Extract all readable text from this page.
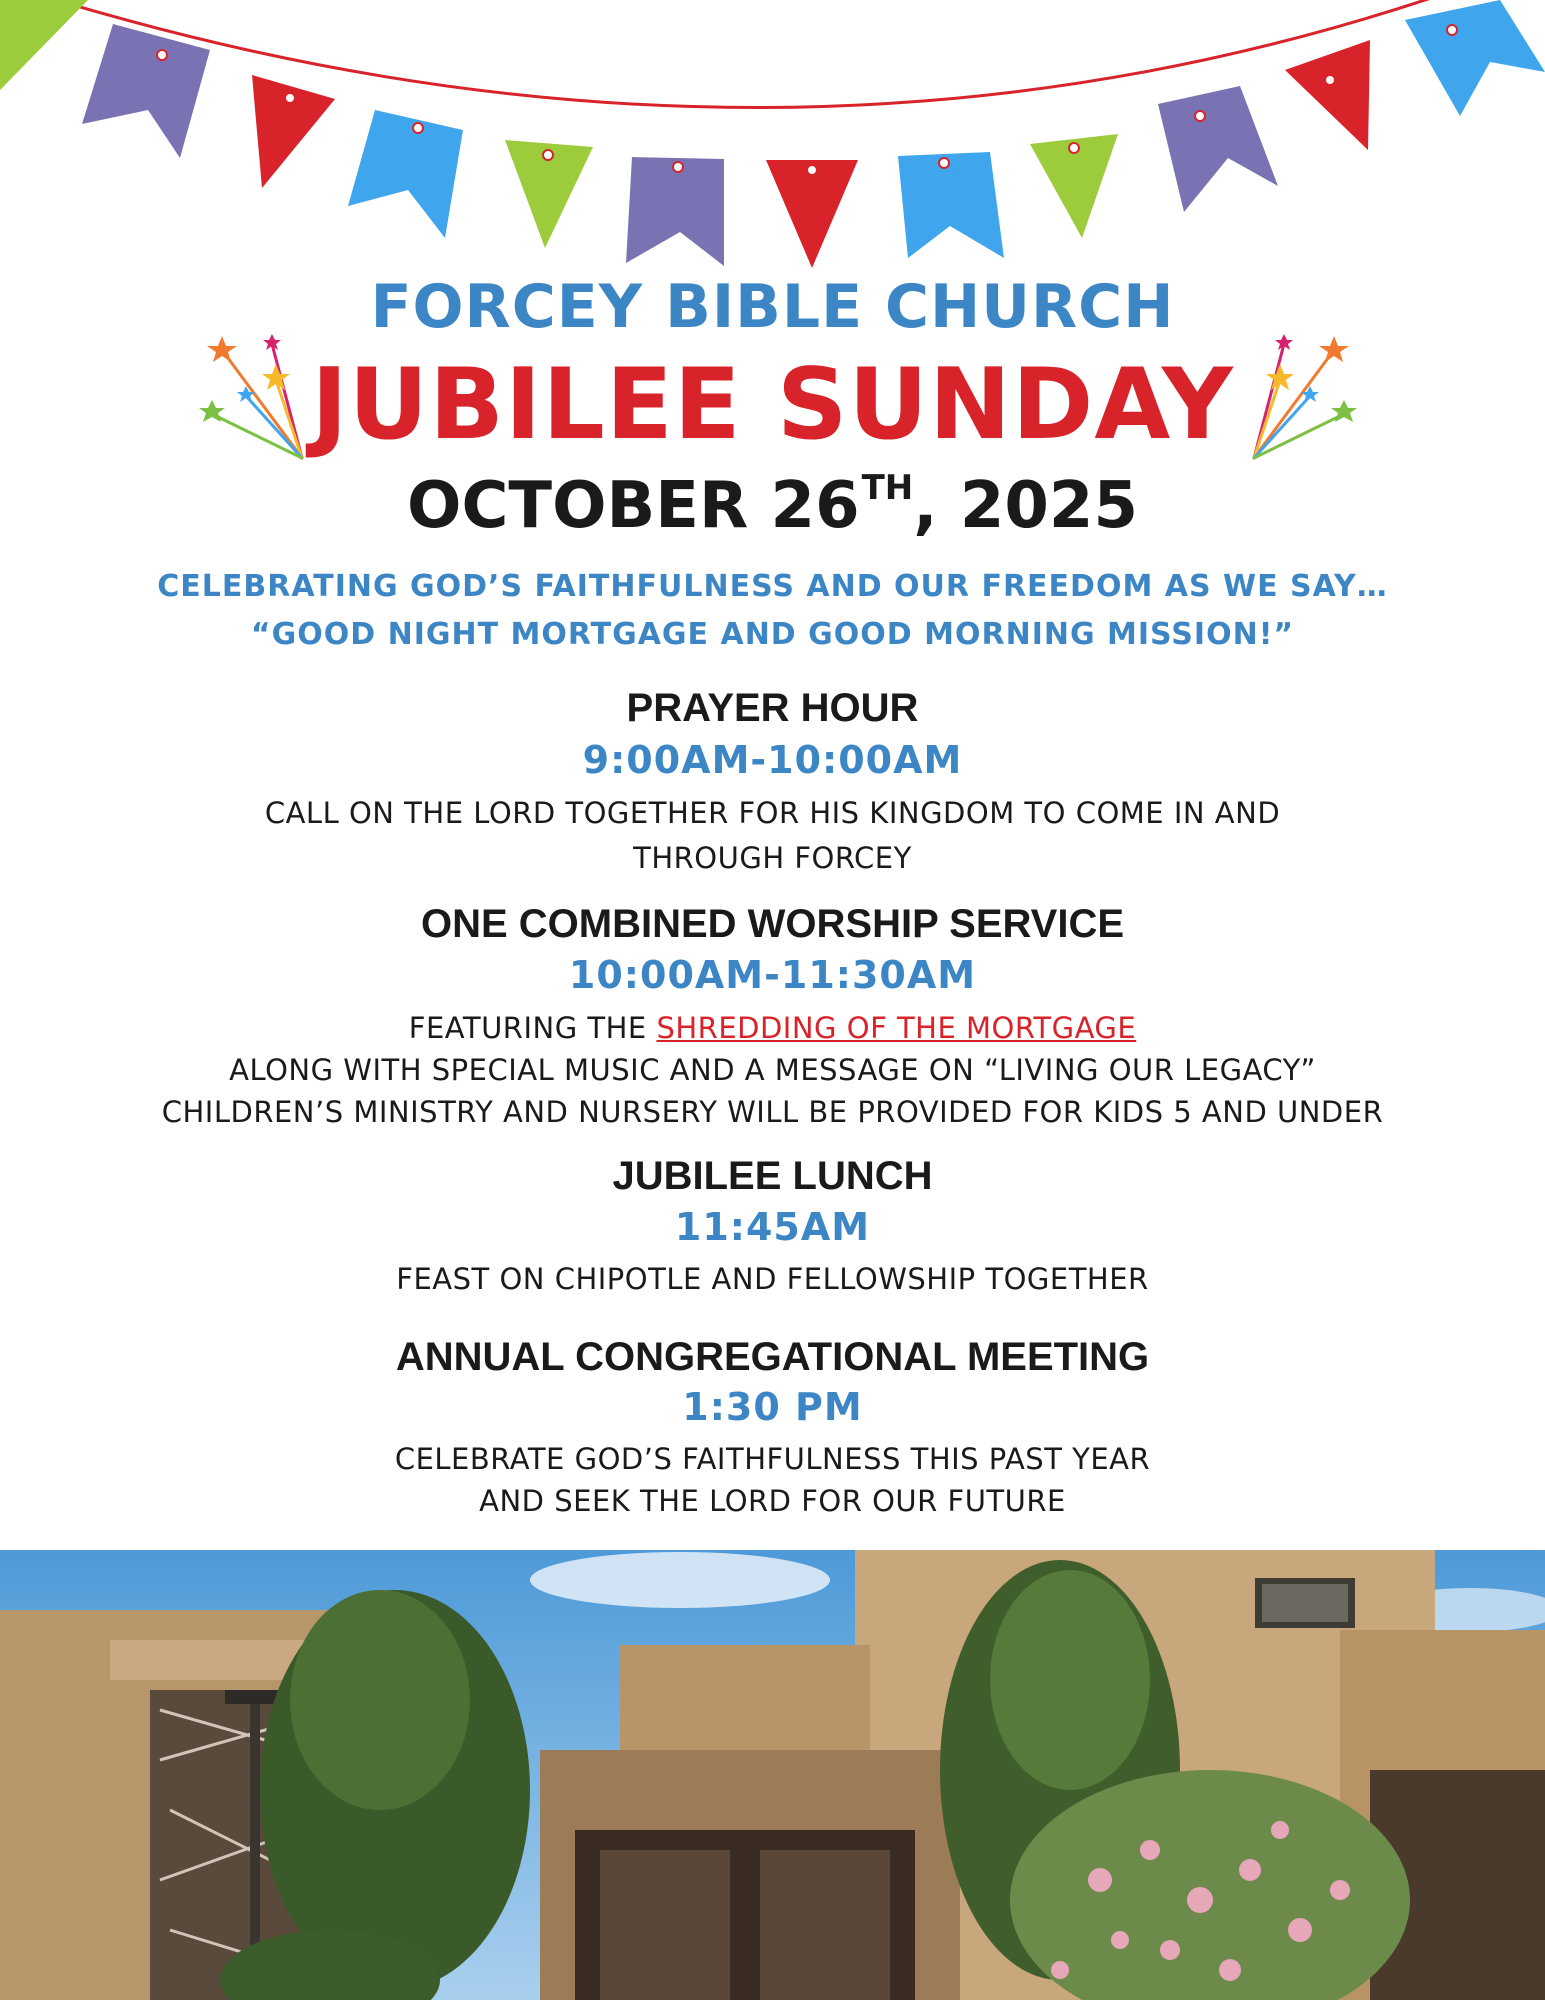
FORCEY BIBLE CHURCH
JUBILEE SUNDAY
OCTOBER 26TH, 2025
CELEBRATING GOD’S FAITHFULNESS AND OUR FREEDOM AS WE SAY…
“GOOD NIGHT MORTGAGE AND GOOD MORNING MISSION!”
PRAYER HOUR
9:00AM-10:00AM
CALL ON THE LORD TOGETHER FOR HIS KINGDOM TO COME IN AND
THROUGH FORCEY
ONE COMBINED WORSHIP SERVICE
10:00AM-11:30AM
FEATURING THE SHREDDING OF THE MORTGAGE
ALONG WITH SPECIAL MUSIC AND A MESSAGE ON “LIVING OUR LEGACY”
CHILDREN’S MINISTRY AND NURSERY WILL BE PROVIDED FOR KIDS 5 AND UNDER
JUBILEE LUNCH
11:45AM
FEAST ON CHIPOTLE AND FELLOWSHIP TOGETHER
ANNUAL CONGREGATIONAL MEETING
1:30 PM
CELEBRATE GOD’S FAITHFULNESS THIS PAST YEAR
AND SEEK THE LORD FOR OUR FUTURE
